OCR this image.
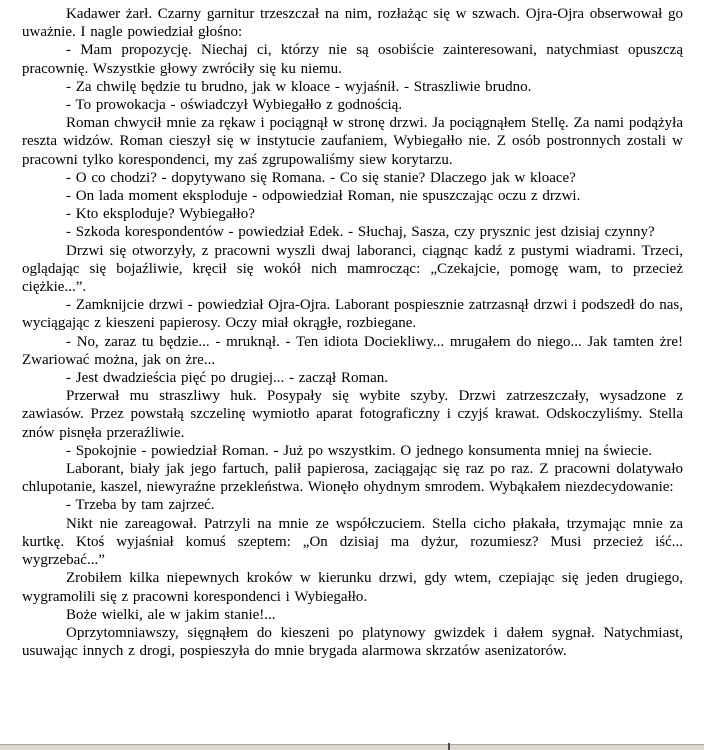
Kadawer żarł. Czarny garnitur trzeszczał na nim, rozłażąc się w szwach. Ojra-Ojra obserwował go uważnie. I nagle powiedział głośno:

- Mam propozycję. Niechaj ci, którzy nie są osobiście zainteresowani, natychmiast opuszczą pracownię. Wszystkie głowy zwróciły się ku niemu.

- Za chwilę będzie tu brudno, jak w kloace - wyjaśnił. - Straszliwie brudno.

- To prowokacja - oświadczył Wybiegałło z godnością.

Roman chwycił mnie za rękaw i pociągnął w stronę drzwi. Ja pociągnąłem Stellę. Za nami podążyła reszta widzów. Roman cieszył się w instytucie zaufaniem, Wybiegałło nie. Z osób postronnych zostali w pracowni tylko korespondenci, my zaś zgrupowaliśmy siew korytarzu.

- O co chodzi? - dopytywano się Romana. - Co się stanie? Dlaczego jak w kloace?

- On lada moment eksploduje - odpowiedział Roman, nie spuszczając oczu z drzwi.

- Kto eksploduje? Wybiegałło?

- Szkoda korespondentów - powiedział Edek. - Słuchaj, Sasza, czy prysznic jest dzisiaj czynny?

Drzwi się otworzyły, z pracowni wyszli dwaj laboranci, ciągnąc kadź z pustymi wiadrami. Trzeci, oglądając się bojaźliwie, kręcił się wokół nich mamrocząc: „Czekajcie, pomogę wam, to przecież ciężkie...”.

- Zamknijcie drzwi - powiedział Ojra-Ojra. Laborant pospiesznie zatrzasnął drzwi i podszedł do nas, wyciągając z kieszeni papierosy. Oczy miał okrągłe, rozbiegane.

- No, zaraz tu będzie... - mruknął. - Ten idiota Dociekliwy... mrugałem do niego... Jak tamten żre! Zwariować można, jak on żre...

- Jest dwadzieścia pięć po drugiej... - zaczął Roman.

Przerwał mu straszliwy huk. Posypały się wybite szyby. Drzwi zatrzeszczały, wysadzone z zawiasów. Przez powstałą szczelinę wymiotło aparat fotograficzny i czyjś krawat. Odskoczyliśmy. Stella znów pisnęła przeraźliwie.

- Spokojnie - powiedział Roman. - Już po wszystkim. O jednego konsumenta mniej na świecie.

Laborant, biały jak jego fartuch, palił papierosa, zaciągając się raz po raz. Z pracowni dolatywało chlupotanie, kaszel, niewyraźne przekleństwa. Wionęło ohydnym smrodem. Wybąkałem niezdecydowanie:

- Trzeba by tam zajrzeć.

Nikt nie zareagował. Patrzyli na mnie ze współczuciem. Stella cicho płakała, trzymając mnie za kurtkę. Ktoś wyjaśniał komuś szeptem: „On dzisiaj ma dyżur, rozumiesz? Musi przecież iść... wygrzebać...”

Zrobiłem kilka niepewnych kroków w kierunku drzwi, gdy wtem, czepiając się jeden drugiego, wygramolili się z pracowni korespondenci i Wybiegałło.

Boże wielki, ale w jakim stanie!...

Oprzytomniawszy, sięgnąłem do kieszeni po platynowy gwizdek i dałem sygnał. Natychmiast, usuwając innych z drogi, pospieszyła do mnie brygada alarmowa skrzatów asenizatorów.
